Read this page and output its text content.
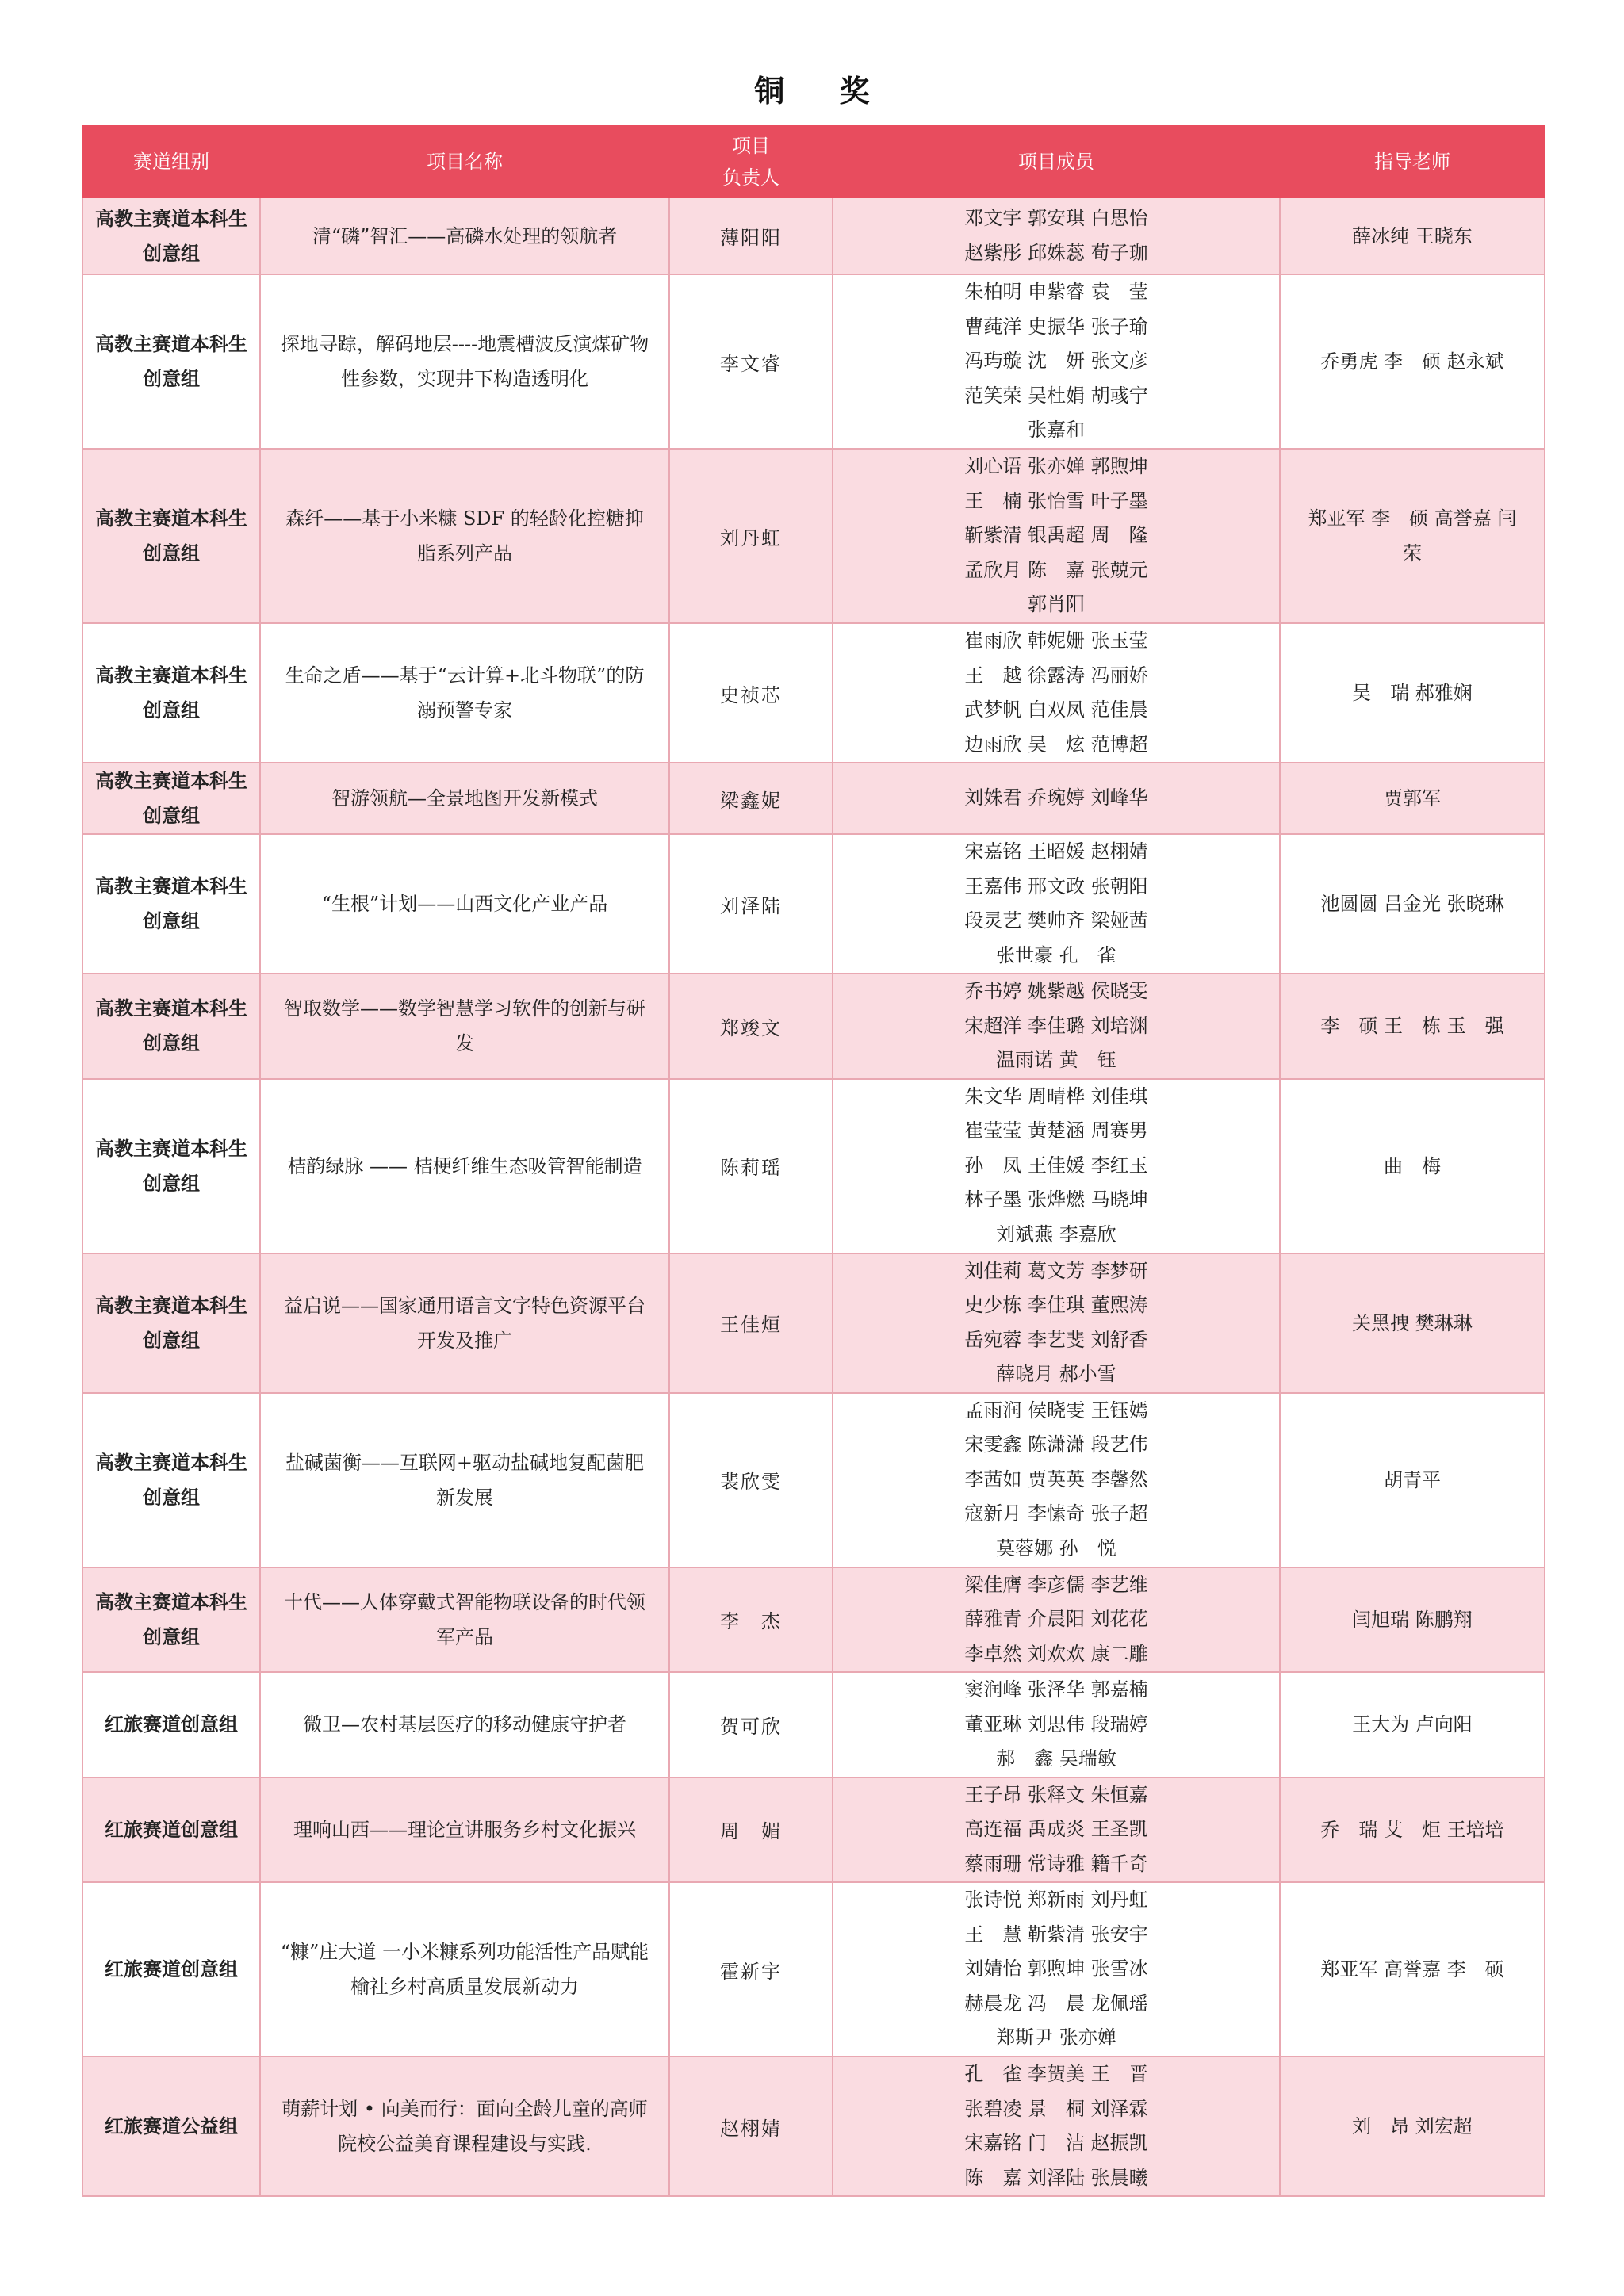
铜 奖
赛道组别	项目名称	项目
负责人	项目成员	指导老师
高教主赛道本科生创意组	清“磷”智汇——高磷水处理的领航者	薄阳阳	邓文宇 郭安琪 白思怡
赵紫彤 邱姝蕊 荀子珈	薛冰纯 王晓东
高教主赛道本科生创意组	探地寻踪，解码地层----地震槽波反演煤矿物性参数，实现井下构造透明化	李文睿	朱柏明 申紫睿 袁　莹
曹莼洋 史振华 张子瑜
冯玙璇 沈　妍 张文彦
范笑荣 吴杜娟 胡彧宁
张嘉和	乔勇虎 李　硕 赵永斌
高教主赛道本科生创意组	森纤——基于小米糠 SDF 的轻龄化控糖抑脂系列产品	刘丹虹	刘心语 张亦婵 郭煦坤
王　楠 张怡雪 叶子墨
靳紫清 银禹超 周　隆
孟欣月 陈　嘉 张兢元
郭肖阳	郑亚军 李　硕 高誉嘉 闫　荣
高教主赛道本科生创意组	生命之盾——基于“云计算+北斗物联”的防溺预警专家	史祯芯	崔雨欣 韩妮姗 张玉莹
王　越 徐露涛 冯丽娇
武梦帆 白双凤 范佳晨
边雨欣 吴　炫 范博超	吴　瑞 郝雅娴
高教主赛道本科生创意组	智游领航—全景地图开发新模式	梁鑫妮	刘姝君 乔琬婷 刘峰华	贾郭军
高教主赛道本科生创意组	“生根”计划——山西文化产业产品	刘泽陆	宋嘉铭 王昭媛 赵栩婧
王嘉伟 邢文政 张朝阳
段灵艺 樊帅齐 梁娅茜
张世豪 孔　雀	池圆圆 吕金光 张晓琳
高教主赛道本科生创意组	智取数学——数学智慧学习软件的创新与研发	郑竣文	乔书婷 姚紫越 侯晓雯
宋超洋 李佳璐 刘培渊
温雨诺 黄　钰	李　硕 王　栋 玉　强
高教主赛道本科生创意组	桔韵绿脉 —— 桔梗纤维生态吸管智能制造	陈莉瑶	朱文华 周晴桦 刘佳琪
崔莹莹 黄楚涵 周赛男
孙　凤 王佳媛 李红玉
林子墨 张烨燃 马晓坤
刘斌燕 李嘉欣	曲　梅
高教主赛道本科生创意组	益启说——国家通用语言文字特色资源平台开发及推广	王佳烜	刘佳莉 葛文芳 李梦研
史少栋 李佳琪 董熙涛
岳宛蓉 李艺斐 刘舒香
薛晓月 郝小雪	关黑拽 樊琳琳
高教主赛道本科生创意组	盐碱菌衡——互联网+驱动盐碱地复配菌肥新发展	裴欣雯	孟雨润 侯晓雯 王钰嫣
宋雯鑫 陈潇潇 段艺伟
李茜如 贾英英 李馨然
寇新月 李愫奇 张子超
莫蓉娜 孙　悦	胡青平
高教主赛道本科生创意组	十代——人体穿戴式智能物联设备的时代领军产品	李　杰	梁佳膺 李彦儒 李艺维
薛雅青 介晨阳 刘花花
李卓然 刘欢欢 康二雕	闫旭瑞 陈鹏翔
红旅赛道创意组	微卫—农村基层医疗的移动健康守护者	贺可欣	窦润峰 张泽华 郭嘉楠
董亚琳 刘思伟 段瑞婷
郝　鑫 吴瑞敏	王大为 卢向阳
红旅赛道创意组	理响山西——理论宣讲服务乡村文化振兴	周　媚	王子昂 张释文 朱恒嘉
高连福 禹成炎 王圣凯
蔡雨珊 常诗雅 籍千奇	乔　瑞 艾　炬 王培培
红旅赛道创意组	“糠”庄大道 一小米糠系列功能活性产品赋能榆社乡村高质量发展新动力	霍新宇	张诗悦 郑新雨 刘丹虹
王　慧 靳紫清 张安宇
刘婧怡 郭煦坤 张雪冰
赫晨龙 冯　晨 龙佩瑶
郑斯尹 张亦婵	郑亚军 高誉嘉 李　硕
红旅赛道公益组	萌薪计划 • 向美而行：面向全龄儿童的高师院校公益美育课程建设与实践.	赵栩婧	孔　雀 李贺美 王　晋
张碧凌 景　桐 刘泽霖
宋嘉铭 门　洁 赵振凯
陈　嘉 刘泽陆 张晨曦	刘　昂 刘宏超
